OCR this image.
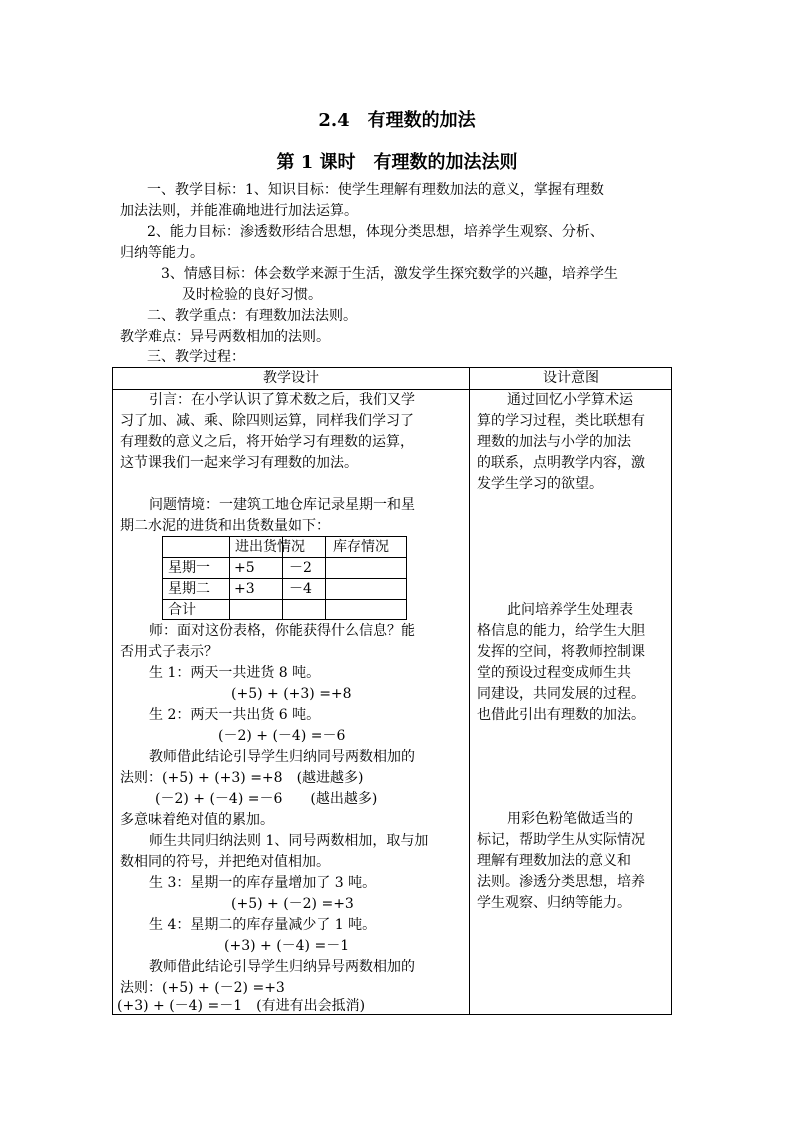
2.4　有理数的加法
第 1 课时　有理数的加法法则
一、教学目标：1、知识目标：使学生理解有理数加法的意义，掌握有理数
加法法则，并能准确地进行加法运算。
2、能力目标：渗透数形结合思想，体现分类思想，培养学生观察、分析、
归纳等能力。
3、情感目标：体会数学来源于生活，激发学生探究数学的兴趣，培养学生
及时检验的良好习惯。
二、教学重点：有理数加法法则。
教学难点：异号两数相加的法则。
三、教学过程：
教学设计	设计意图
引言：在小学认识了算术数之后，我们又学
习了加、减、乘、除四则运算，同样我们学习了
有理数的意义之后，将开始学习有理数的运算，
这节课我们一起来学习有理数的加法。
问题情境：一建筑工地仓库记录星期一和星
期二水泥的进货和出货数量如下：
进出货情况 库存情况
星期一 +5 －2
星期二 +3 －4
合计
师：面对这份表格，你能获得什么信息？能
否用式子表示？
生 1：两天一共进货 8 吨。
(+5) + (+3) =+8
生 2：两天一共出货 6 吨。
(－2) + (－4) =－6
教师借此结论引导学生归纳同号两数相加的
法则：(+5) + (+3) =+8　(越进越多)
(－2) + (－4) =－6　　(越出越多)
多意味着绝对值的累加。
师生共同归纳法则 1、同号两数相加，取与加
数相同的符号，并把绝对值相加。
生 3：星期一的库存量增加了 3 吨。
(+5) + (－2) =+3
生 4：星期二的库存量减少了 1 吨。
(+3) + (－4) =－1
教师借此结论引导学生归纳异号两数相加的
法则：(+5) + (－2) =+3
(+3) + (－4) =－1　(有进有出会抵消)
通过回忆小学算术运
算的学习过程，类比联想有
理数的加法与小学的加法
的联系，点明教学内容，激
发学生学习的欲望。
此问培养学生处理表
格信息的能力，给学生大胆
发挥的空间，将教师控制课
堂的预设过程变成师生共
同建设，共同发展的过程。
也借此引出有理数的加法。
用彩色粉笔做适当的
标记，帮助学生从实际情况
理解有理数加法的意义和
法则。渗透分类思想，培养
学生观察、归纳等能力。
